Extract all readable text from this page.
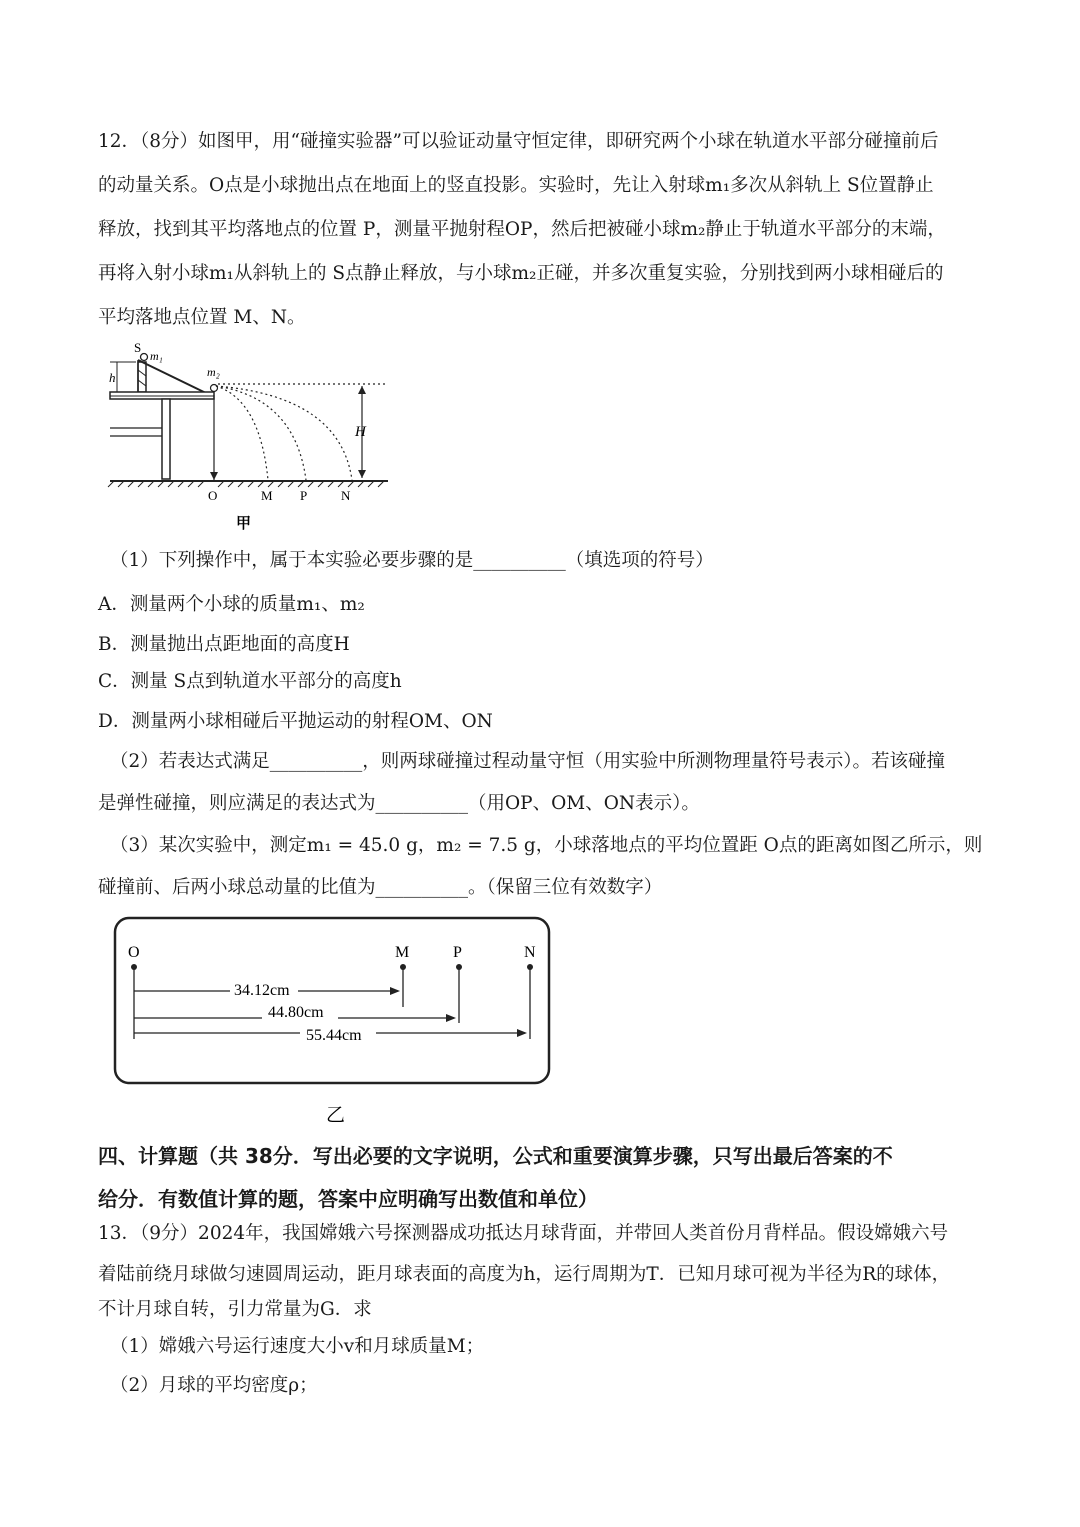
12．（8分）如图甲，用“碰撞实验器”可以验证动量守恒定律，即研究两个小球在轨道水平部分碰撞前后
的动量关系。O点是小球抛出点在地面上的竖直投影。实验时，先让入射球m₁多次从斜轨上 S位置静止
释放，找到其平均落地点的位置 P，测量平抛射程OP，然后把被碰小球m₂静止于轨道水平部分的末端，
再将入射小球m₁从斜轨上的 S点静止释放，与小球m₂正碰，并多次重复实验，分别找到两小球相碰后的
平均落地点位置 M、N。
S
m₁
m₂
h
H
O	M P	N
甲
（1）下列操作中，属于本实验必要步骤的是__________（填选项的符号）
A．测量两个小球的质量m₁、m₂
B．测量抛出点距地面的高度H
C．测量 S点到轨道水平部分的高度h
D．测量两小球相碰后平抛运动的射程OM、ON
（2）若表达式满足__________，则两球碰撞过程动量守恒（用实验中所测物理量符号表示）。若该碰撞
是弹性碰撞，则应满足的表达式为__________（用OP、OM、ON表示）。
（3）某次实验中，测定m₁ = 45.0 g，m₂ = 7.5 g，小球落地点的平均位置距 O点的距离如图乙所示，则
碰撞前、后两小球总动量的比值为__________。（保留三位有效数字）
O	M	P	N
34.12cm
44.80cm
55.44cm
乙
四、计算题（共 38分．写出必要的文字说明，公式和重要演算步骤，只写出最后答案的不
给分．有数值计算的题，答案中应明确写出数值和单位）
13．（9分）2024年，我国嫦娥六号探测器成功抵达月球背面，并带回人类首份月背样品。假设嫦娥六号
着陆前绕月球做匀速圆周运动，距月球表面的高度为h，运行周期为T．已知月球可视为半径为R的球体，
不计月球自转，引力常量为G．求
（1）嫦娥六号运行速度大小v和月球质量M；
（2）月球的平均密度ρ；
